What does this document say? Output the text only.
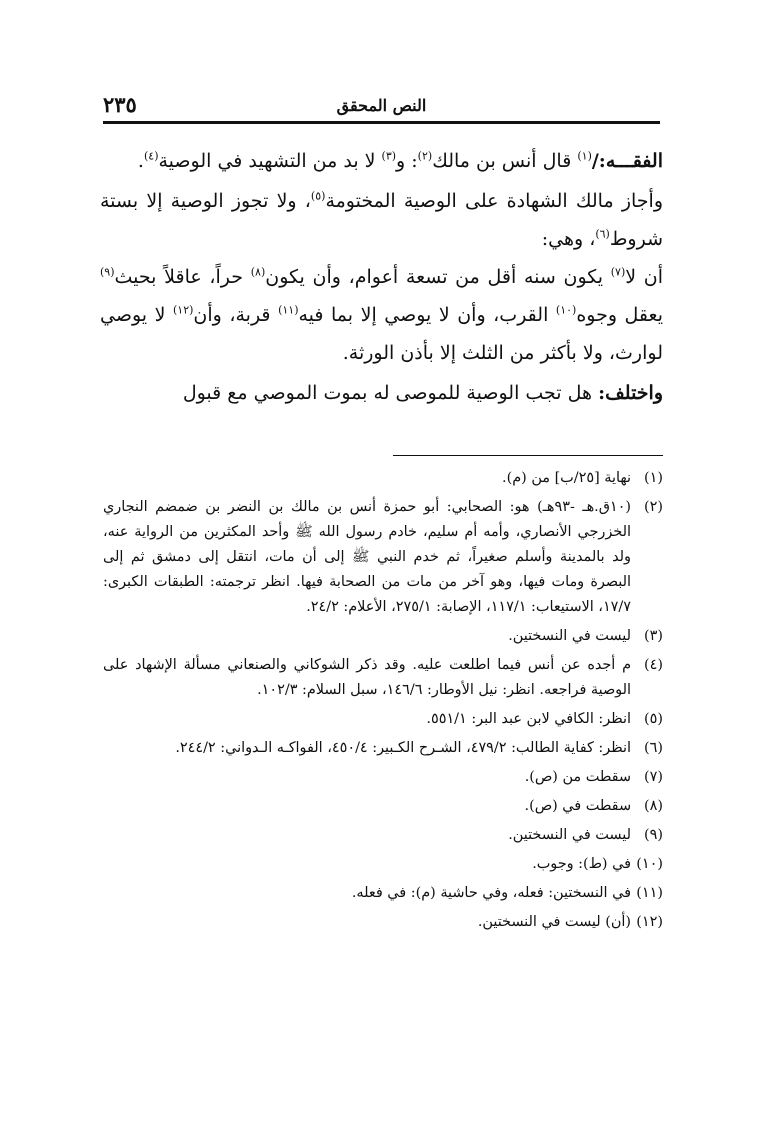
النص المحقق
٢٣٥

الفقـــه:/$^{(١)}$ قال أنس بن مالك$^{(٢)}$: و$^{(٣)}$ لا بد من التشهيد في الوصية$^{(٤)}$.

وأجاز مالك الشهادة على الوصية المختومة$^{(٥)}$، ولا تجوز الوصية إلا بستة شروط$^{(٦)}$، وهي:

أن لا$^{(٧)}$ يكون سنه أقل من تسعة أعوام، وأن يكون$^{(٨)}$ حراً، عاقلاً بحيث$^{(٩)}$ يعقل وجوه$^{(١٠)}$ القرب، وأن لا يوصي إلا بما فيه$^{(١١)}$ قربة، وأن$^{(١٢)}$ لا يوصي لوارث، ولا بأكثر من الثلث إلا بأذن الورثة.

واختلف: هل تجب الوصية للموصى له بموت الموصي مع قبول

(١)
نهاية [٢٥/ب] من (م).

(٢)
(١٠ق.هـ -٩٣هـ) هو: الصحابي: أبو حمزة أنس بن مالك بن النضر بن ضمضم النجاري الخزرجي الأنصاري، وأمه أم سليم، خادم رسول الله ﷺ وأحد المكثرين من الرواية عنه، ولد بالمدينة وأسلم صغيراً، ثم خدم النبي ﷺ إلى أن مات، انتقل إلى دمشق ثم إلى البصرة ومات فيها، وهو آخر من مات من الصحابة فيها. انظر ترجمته: الطبقات الكبرى: ١٧/٧، الاستيعاب: ١١٧/١، الإصابة: ٢٧٥/١، الأعلام: ٢٤/٢.

(٣)
ليست في النسختين.

(٤)
م أجده عن أنس فيما اطلعت عليه. وقد ذكر الشوكاني والصنعاني مسألة الإشهاد على الوصية فراجعه. انظر: نيل الأوطار: ١٤٦/٦، سبل السلام: ١٠٢/٣.

(٥)
انظر: الكافي لابن عبد البر: ٥٥١/١.

(٦)
انظر: كفاية الطالب: ٤٧٩/٢، الشـرح الكـبير: ٤٥٠/٤، الفواكـه الـدواني: ٢٤٤/٢.

(٧)
سقطت من (ص).

(٨)
سقطت في (ص).

(٩)
ليست في النسختين.

(١٠)
في (ط): وجوب.

(١١)
في النسختين: فعله، وفي حاشية (م): في فعله.

(١٢)
(أن) ليست في النسختين.
